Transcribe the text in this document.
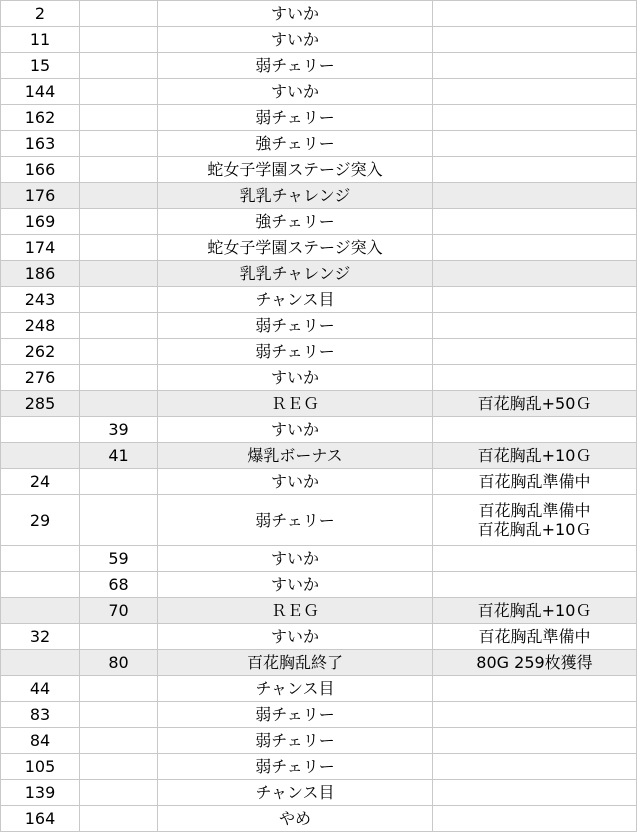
2		すいか	
11		すいか	
15		弱チェリー	
144		すいか	
162		弱チェリー	
163		強チェリー	
166		蛇女子学園ステージ突入	
176		乳乳チャレンジ	
169		強チェリー	
174		蛇女子学園ステージ突入	
186		乳乳チャレンジ	
243		チャンス目	
248		弱チェリー	
262		弱チェリー	
276		すいか	
285		ＲＥＧ	百花胸乱+50Ｇ

	39	すいか	
	41	爆乳ボーナス	百花胸乱+10Ｇ

24		すいか	百花胸乱準備中

29		弱チェリー	百花胸乱準備中
百花胸乱+10Ｇ

	59	すいか	
	68	すいか	
	70	ＲＥＧ	百花胸乱+10Ｇ

32		すいか	百花胸乱準備中

	80	百花胸乱終了	80G 259枚獲得

44		チャンス目	
83		弱チェリー	
84		弱チェリー	
105		弱チェリー	
139		チャンス目	
164		やめ	
